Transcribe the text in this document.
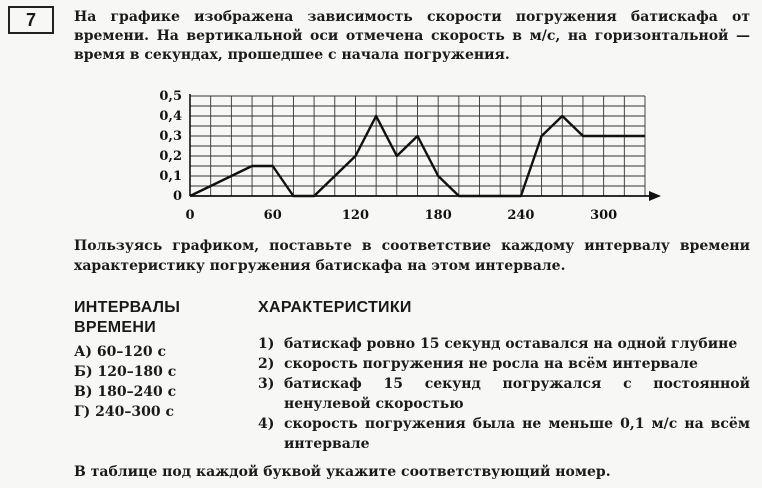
7	На графике изображена зависимость скорости погружения батискафа от времени. На вертикальной оси отмечена скорость в м/с, на горизонтальной — время в секундах, прошедшее с начала погружения.
0
0,1
0,2
0,3
0,4
0,5
0	60	120	180	240	300
Пользуясь графиком, поставьте в соответствие каждому интервалу времени характеристику погружения батискафа на этом интервале.
ИНТЕРВАЛЫ
ВРЕМЕНИ
А) 60–120 с
Б) 120–180 с
В) 180–240 с
Г) 240–300 с
ХАРАКТЕРИСТИКИ
1) батискаф ровно 15 секунд оставался на одной глубине
2) скорость погружения не росла на всём интервале
3) батискаф 15 секунд погружался с постоянной ненулевой скоростью
4) скорость погружения была не меньше 0,1 м/с на всём интервале
В таблице под каждой буквой укажите соответствующий номер.
